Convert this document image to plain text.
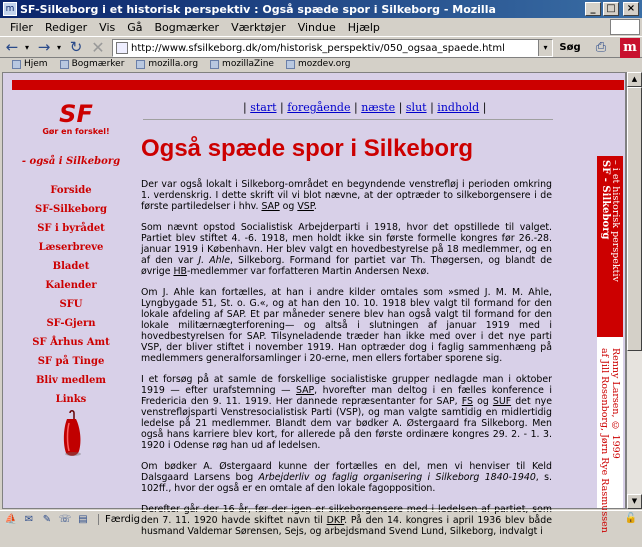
m SF-Silkeborg i et historisk perspektiv : Også spæde spor i Silkeborg - Mozilla	_	□	×
Filer	Rediger	Vis	Gå	Bogmærker	Værktøjer	Vindue	Hjælp
← ▾ → ▾ ↻ ✕
http://www.sfsilkeborg.dk/om/historisk_perspektiv/050_ogsaa_spaede.html	▾	Søg	⎙	m
Hjem	Bogmærker	mozilla.org	mozillaZine	mozdev.org
SF
Gør en forskel!
- også i Silkeborg
Forside
SF-Silkeborg
SF i byrådet
Læserbreve
Bladet
Kalender
SFU
SF-Gjern
SF Århus Amt
SF på Tinge
Bliv medlem
Links
| start | foregående | næste | slut | indhold |
Også spæde spor i Silkeborg

Der var også lokalt i Silkeborg-området en begyndende venstrefløj i perioden omkring 1. verdenskrig. I dette skrift vil vi blot nævne, at der optræder to silkeborgensere i de første partiledelser i hhv. SAP og VSP.

Som nævnt opstod Socialistisk Arbejderparti i 1918, hvor det opstillede til valget. Partiet blev stiftet 4. -6. 1918, men holdt ikke sin første formelle kongres før 26.-28. januar 1919 i København. Her blev valgt en hovedbestyrelse på 18 medlemmer, og en af den var J. Ahle, Silkeborg. Formand for partiet var Th. Thøgersen, og blandt de øvrige HB-medlemmer var forfatteren Martin Andersen Nexø.

Om J. Ahle kan fortælles, at han i andre kilder omtales som »smed J. M. M. Ahle, Lyngbygade 51, St. o. G.«, og at han den 10. 10. 1918 blev valgt til formand for den lokale afdeling af SAP. Et par måneder senere blev han også valgt til formand for den lokale militærnægterforening— og altså i slutningen af januar 1919 med i hovedbestyrelsen for SAP. Tilsyneladende træder han ikke med over i det nye parti VSP, der bliver stiftet i november 1919. Han optræder dog i faglig sammenhæng på medlemmers generalforsamlinger i 20-erne, men ellers fortaber sporene sig.

I et forsøg på at samle de forskellige socialistiske grupper nedlagde man i oktober 1919 — efter urafstemning — SAP, hvorefter man deltog i en fælles konference i Fredericia den 9. 11. 1919. Her dannede repræsentanter for SAP, FS og SUF det nye venstrefløjsparti Venstresocialistisk Parti (VSP), og man valgte samtidig en midlertidig ledelse på 21 medlemmer. Blandt dem var bødker A. Østergaard fra Silkeborg. Men også hans karriere blev kort, for allerede på den første ordinære kongres 29. 2. - 1. 3. 1920 i Odense røg han ud af ledelsen.

Om bødker A. Østergaard kunne der fortælles en del, men vi henviser til Keld Dalsgaard Larsens bog Arbejderliv og faglig organisering i Silkeborg 1840-1940, s. 102ff., hvor der også er en omtale af den lokale fagopposition.

Derefter går der 16 år, før der igen er silkeborgensere med i ledelsen af partiet, som den 7. 11. 1920 havde skiftet navn til DKP. På den 14. kongres i april 1936 blev både husmand Valdemar Sørensen, Sejs, og arbejdsmand Svend Lund, Silkeborg, indvalgt i

SF - Silkeborg – i et historisk perspektiv
af Jill Rosenborg, Jørn Rye Rasmussen Renny Larsen, © 1999
▲
▼
⛵ ✉ ✎ ☏ ▤	Færdig	🔓
